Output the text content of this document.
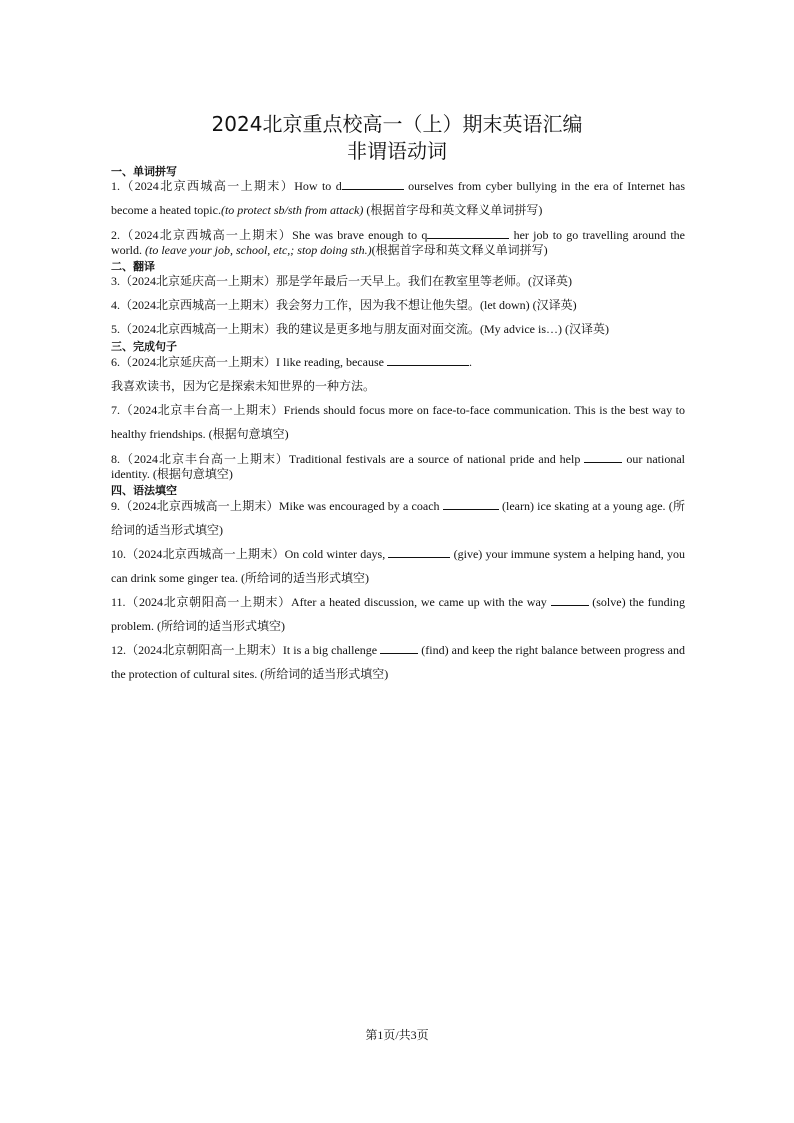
2024北京重点校高一（上）期末英语汇编
非谓语动词
一、单词拼写
1.（2024北京西城高一上期末）How to d	ourselves from cyber bullying in the era of Internet has become a heated topic.(to protect sb/sth from attack) (根据首字母和英文释义单词拼写)
2.（2024北京西城高一上期末）She was brave enough to q	her job to go travelling around the world. (to leave your job, school, etc,; stop doing sth.)(根据首字母和英文释义单词拼写)
二、翻译
3.（2024北京延庆高一上期末）那是学年最后一天早上。我们在教室里等老师。(汉译英)
4.（2024北京西城高一上期末）我会努力工作，因为我不想让他失望。(let down) (汉译英)
5.（2024北京西城高一上期末）我的建议是更多地与朋友面对面交流。(My advice is…) (汉译英)
三、完成句子
6.（2024北京延庆高一上期末）I like reading, because	.
我喜欢读书，因为它是探索未知世界的一种方法。
7.（2024北京丰台高一上期末）Friends should focus more on face-to-face communication. This is the best way to healthy friendships. (根据句意填空)
8.（2024北京丰台高一上期末）Traditional festivals are a source of national pride and help	our national identity. (根据句意填空)
四、语法填空
9.（2024北京西城高一上期末）Mike was encouraged by a coach	(learn) ice skating at a young age. (所给词的适当形式填空)
10.（2024北京西城高一上期末）On cold winter days,	(give) your immune system a helping hand, you can drink some ginger tea. (所给词的适当形式填空)
11.（2024北京朝阳高一上期末）After a heated discussion, we came up with the way	(solve) the funding problem. (所给词的适当形式填空)
12.（2024北京朝阳高一上期末）It is a big challenge	(find) and keep the right balance between progress and the protection of cultural sites. (所给词的适当形式填空)
第1页/共3页
